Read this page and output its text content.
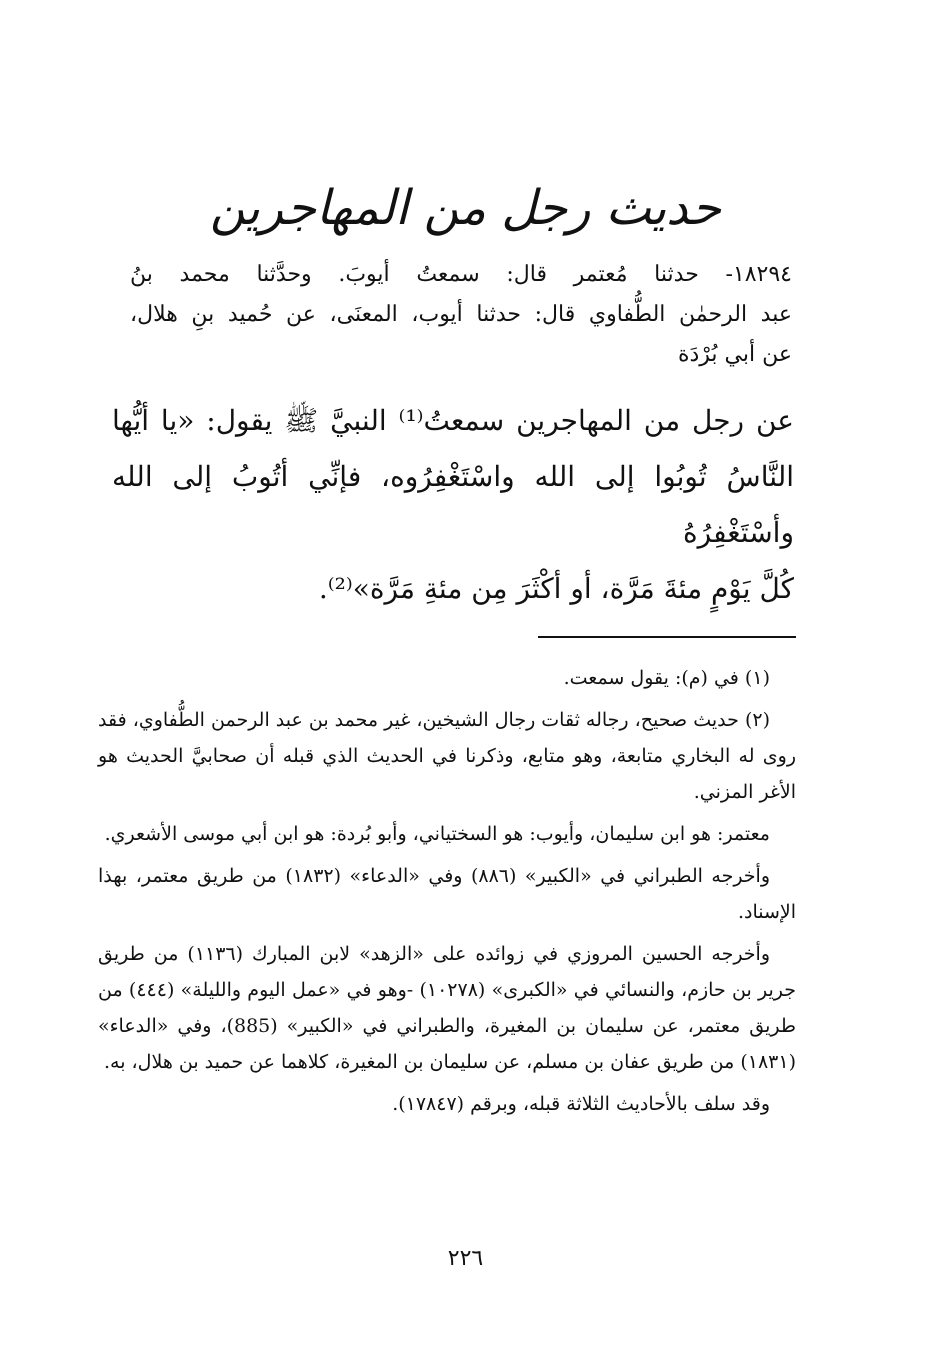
حديث رجل من المهاجرين
١٨٢٩٤- حدثنا مُعتمر قال: سمعتُ أيوبَ. وحدَّثنا محمد بنُ
عبد الرحمٰن الطُّفاوي قال: حدثنا أيوب، المعنَى، عن حُميد بنِ هلال،
عن أبي بُرْدَة
عن رجل من المهاجرين سمعتُ⁽¹⁾ النبيَّ ﷺ يقول: «يا أيُّها
النَّاسُ تُوبُوا إلى الله واسْتَغْفِرُوه، فإنِّي أتُوبُ إلى الله وأسْتَغْفِرُهُ
كُلَّ يَوْمٍ مئةَ مَرَّة، أو أكْثَرَ مِن مئةِ مَرَّة»⁽²⁾.

(١) في (م): يقول سمعت.

(٢) حديث صحيح، رجاله ثقات رجال الشيخين، غير محمد بن عبد الرحمن الطُّفاوي، فقد روى له البخاري متابعة، وهو متابع، وذكرنا في الحديث الذي قبله أن صحابيَّ الحديث هو الأغر المزني.

معتمر: هو ابن سليمان، وأيوب: هو السختياني، وأبو بُردة: هو ابن أبي موسى الأشعري.

وأخرجه الطبراني في «الكبير» (٨٨٦) وفي «الدعاء» (١٨٣٢) من طريق معتمر، بهذا الإسناد.

وأخرجه الحسين المروزي في زوائده على «الزهد» لابن المبارك (١١٣٦) من طريق جرير بن حازم، والنسائي في «الكبرى» (١٠٢٧٨) -وهو في «عمل اليوم والليلة» (٤٤٤) من طريق معتمر، عن سليمان بن المغيرة، والطبراني في «الكبير» (885)، وفي «الدعاء» (١٨٣١) من طريق عفان بن مسلم، عن سليمان بن المغيرة، كلاهما عن حميد بن هلال، به.

وقد سلف بالأحاديث الثلاثة قبله، وبرقم (١٧٨٤٧).

٢٢٦
